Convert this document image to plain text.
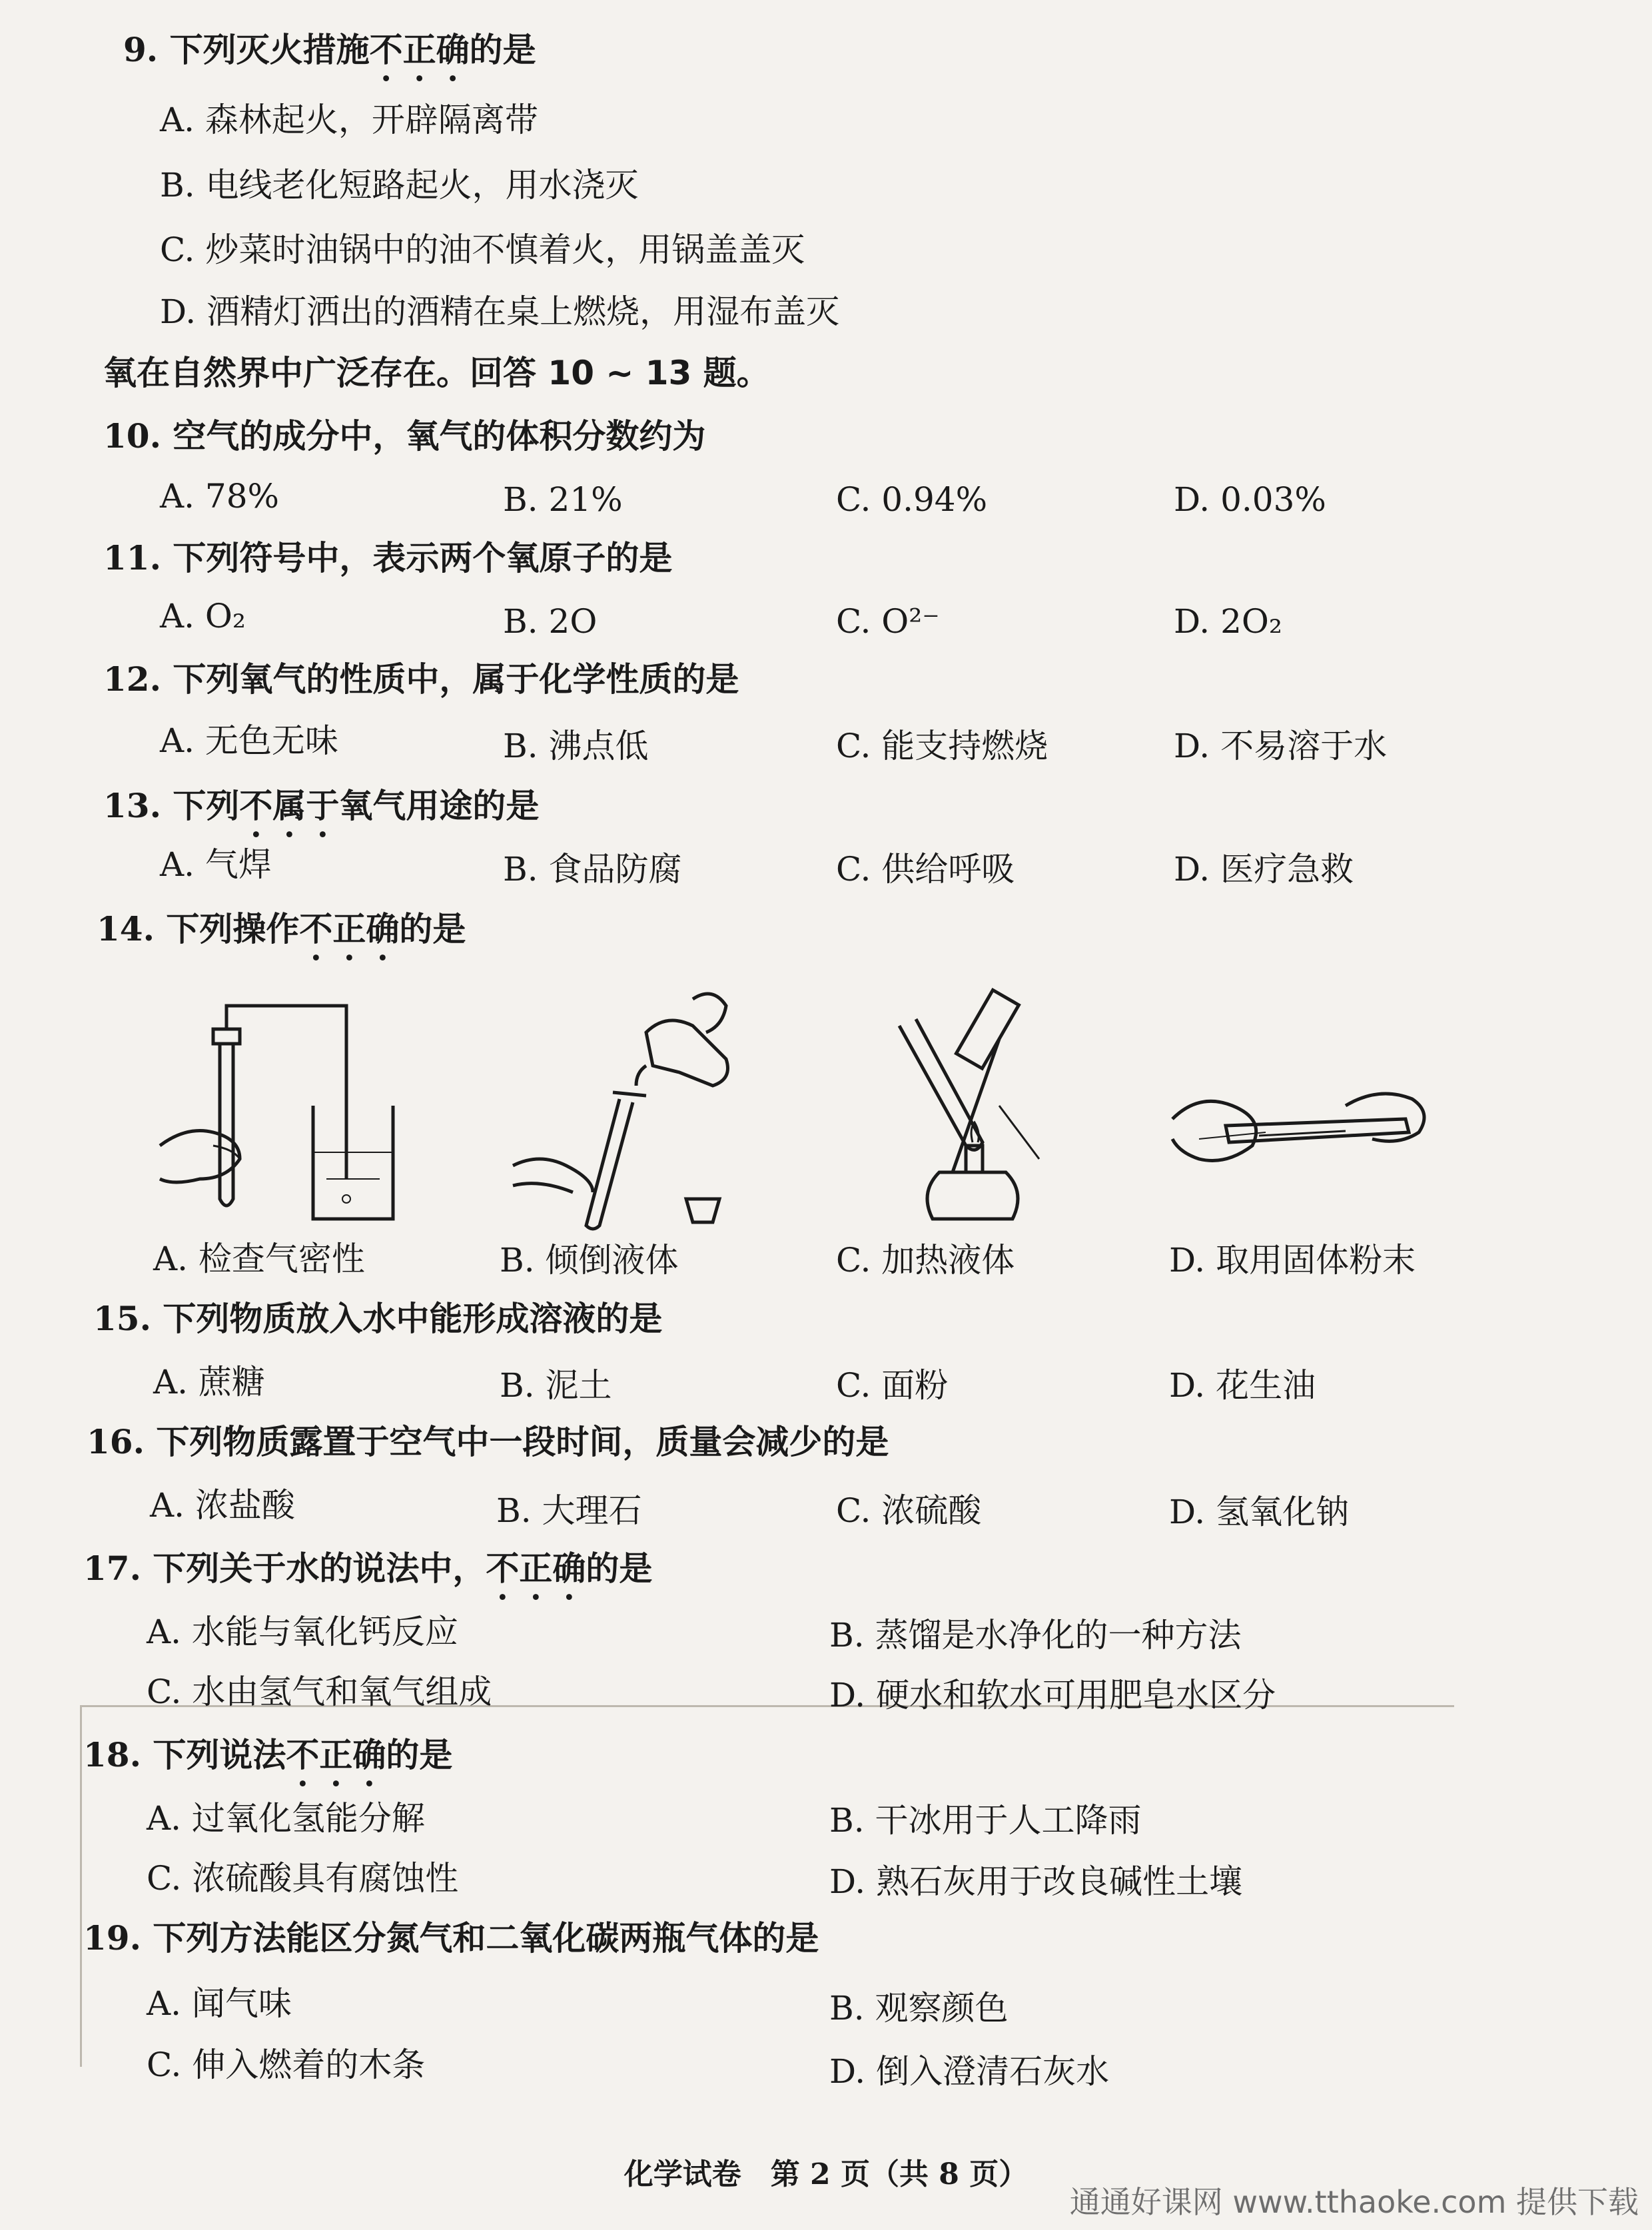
9. 下列灭火措施不正确的是
A. 森林起火，开辟隔离带
B. 电线老化短路起火，用水浇灭
C. 炒菜时油锅中的油不慎着火，用锅盖盖灭
D. 酒精灯洒出的酒精在桌上燃烧，用湿布盖灭
氧在自然界中广泛存在。回答 10 ~ 13 题。
10. 空气的成分中，氧气的体积分数约为
A. 78%	B. 21%	C. 0.94%	D. 0.03%
11. 下列符号中，表示两个氧原子的是
A. O₂	B. 2O	C. O²⁻	D. 2O₂
12. 下列氧气的性质中，属于化学性质的是
A. 无色无味	B. 沸点低	C. 能支持燃烧	D. 不易溶于水
13. 下列不属于氧气用途的是
A. 气焊	B. 食品防腐	C. 供给呼吸	D. 医疗急救
14. 下列操作不正确的是
A. 检查气密性	B. 倾倒液体	C. 加热液体	D. 取用固体粉末
15. 下列物质放入水中能形成溶液的是
A. 蔗糖	B. 泥土	C. 面粉	D. 花生油
16. 下列物质露置于空气中一段时间，质量会减少的是
A. 浓盐酸	B. 大理石	C. 浓硫酸	D. 氢氧化钠
17. 下列关于水的说法中，不正确的是
A. 水能与氧化钙反应	B. 蒸馏是水净化的一种方法
C. 水由氢气和氧气组成	D. 硬水和软水可用肥皂水区分
18. 下列说法不正确的是
A. 过氧化氢能分解	B. 干冰用于人工降雨
C. 浓硫酸具有腐蚀性	D. 熟石灰用于改良碱性土壤
19. 下列方法能区分氮气和二氧化碳两瓶气体的是
A. 闻气味	B. 观察颜色
C. 伸入燃着的木条	D. 倒入澄清石灰水
化学试卷　第 2 页（共 8 页）
通通好课网 www.tthaoke.com 提供下载
